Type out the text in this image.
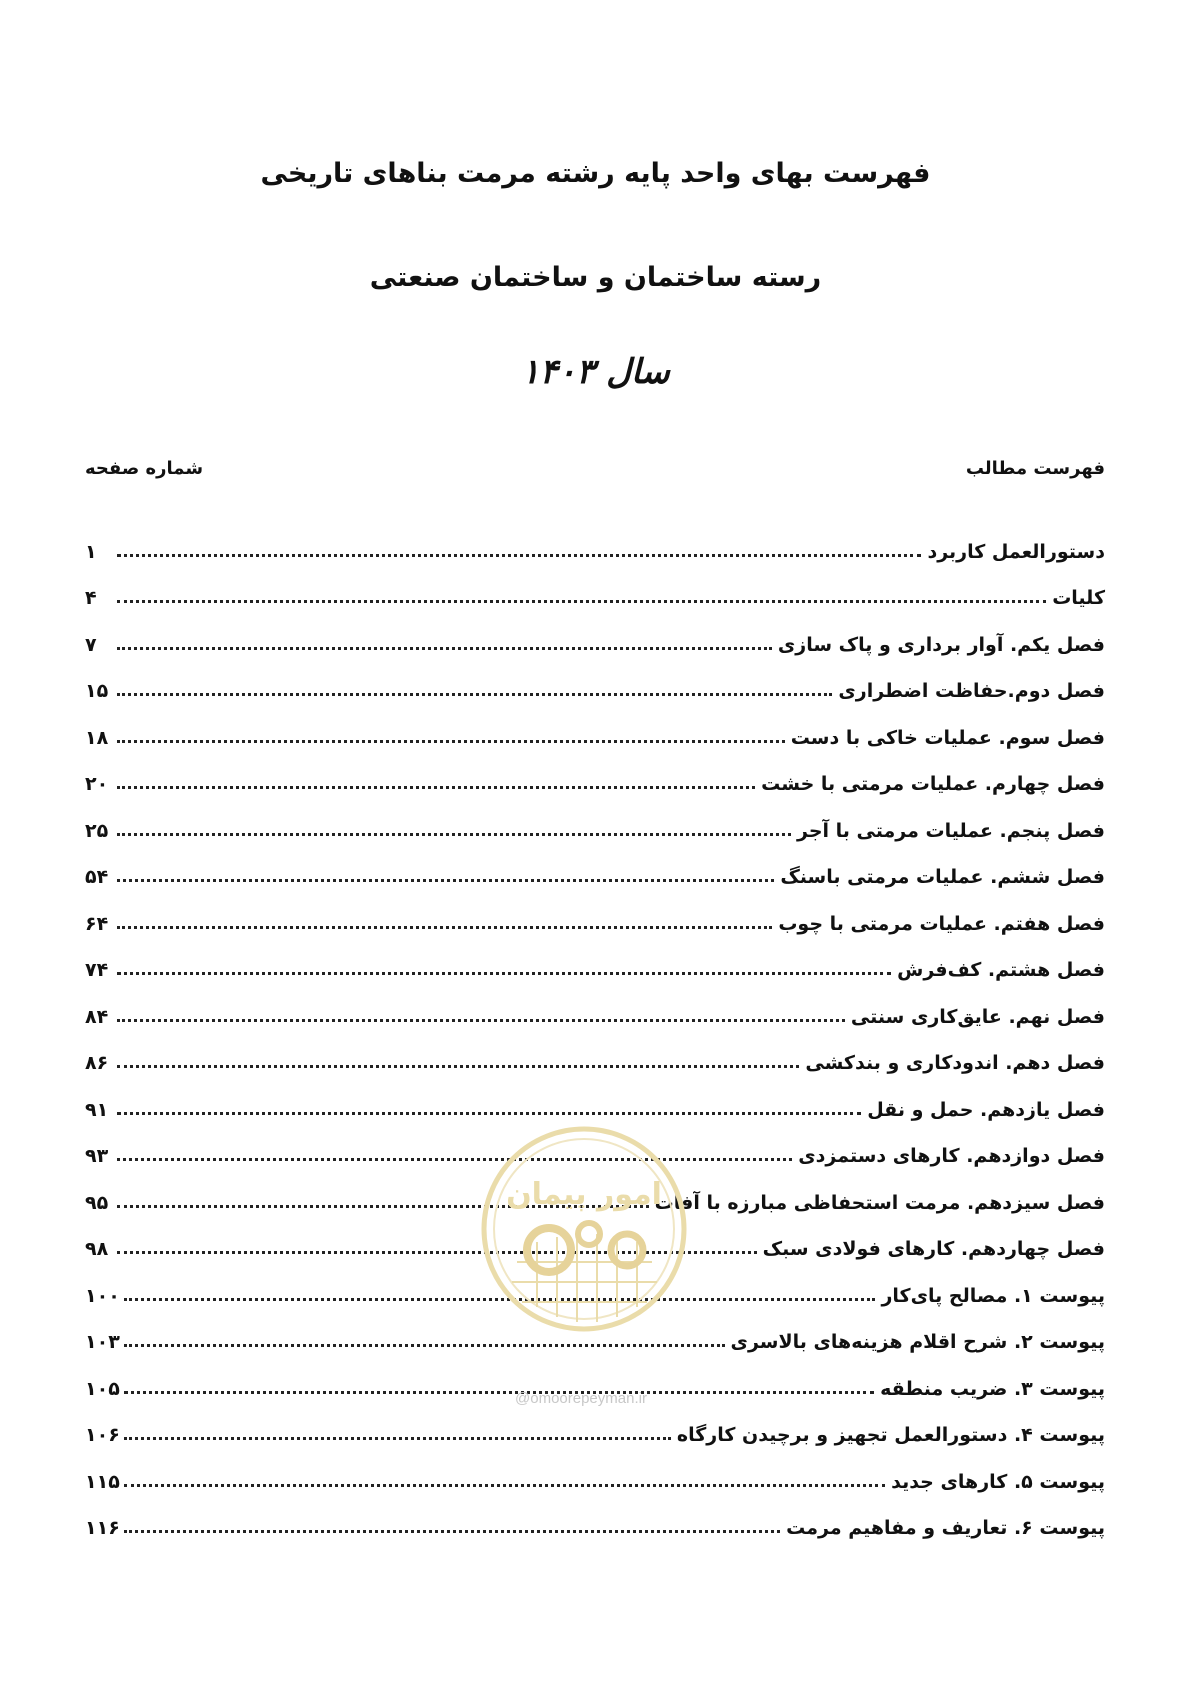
فهرست بهای واحد پایه رشته مرمت بناهای تاریخی
رسته ساختمان و ساختمان صنعتی
سال ۱۴۰۳
فهرست مطالب
شماره صفحه
دستورالعمل کاربرد
۱
کلیات
۴
فصل یکم. آوار برداری و پاک سازی
۷
فصل دوم.حفاظت اضطراری
۱۵
فصل سوم. عملیات خاکی با دست
۱۸
فصل چهارم. عملیات مرمتی با خشت
۲۰
فصل پنجم. عملیات مرمتی با آجر
۲۵
فصل ششم. عملیات مرمتی باسنگ
۵۴
فصل هفتم. عملیات مرمتی با چوب
۶۴
فصل هشتم. کف‌فرش
۷۴
فصل نهم. عایق‌کاری سنتی
۸۴
فصل دهم. اندودکاری و بندکشی
۸۶
فصل یازدهم. حمل و نقل
۹۱
فصل دوازدهم. کارهای دستمزدی
۹۳
فصل سیزدهم. مرمت استحفاظی مبارزه با آفات
۹۵
فصل چهاردهم. کارهای فولادی سبک
۹۸
پیوست ۱. مصالح پای‌کار
۱۰۰
پیوست ۲. شرح اقلام هزینه‌های بالاسری
۱۰۳
پیوست ۳. ضریب منطقه
۱۰۵
پیوست ۴. دستورالعمل تجهیز و برچیدن کارگاه
۱۰۶
پیوست ۵. کارهای جدید
۱۱۵
پیوست ۶. تعاریف و مفاهیم مرمت
۱۱۶
امور پیمان
@omoorepeyman.ir
